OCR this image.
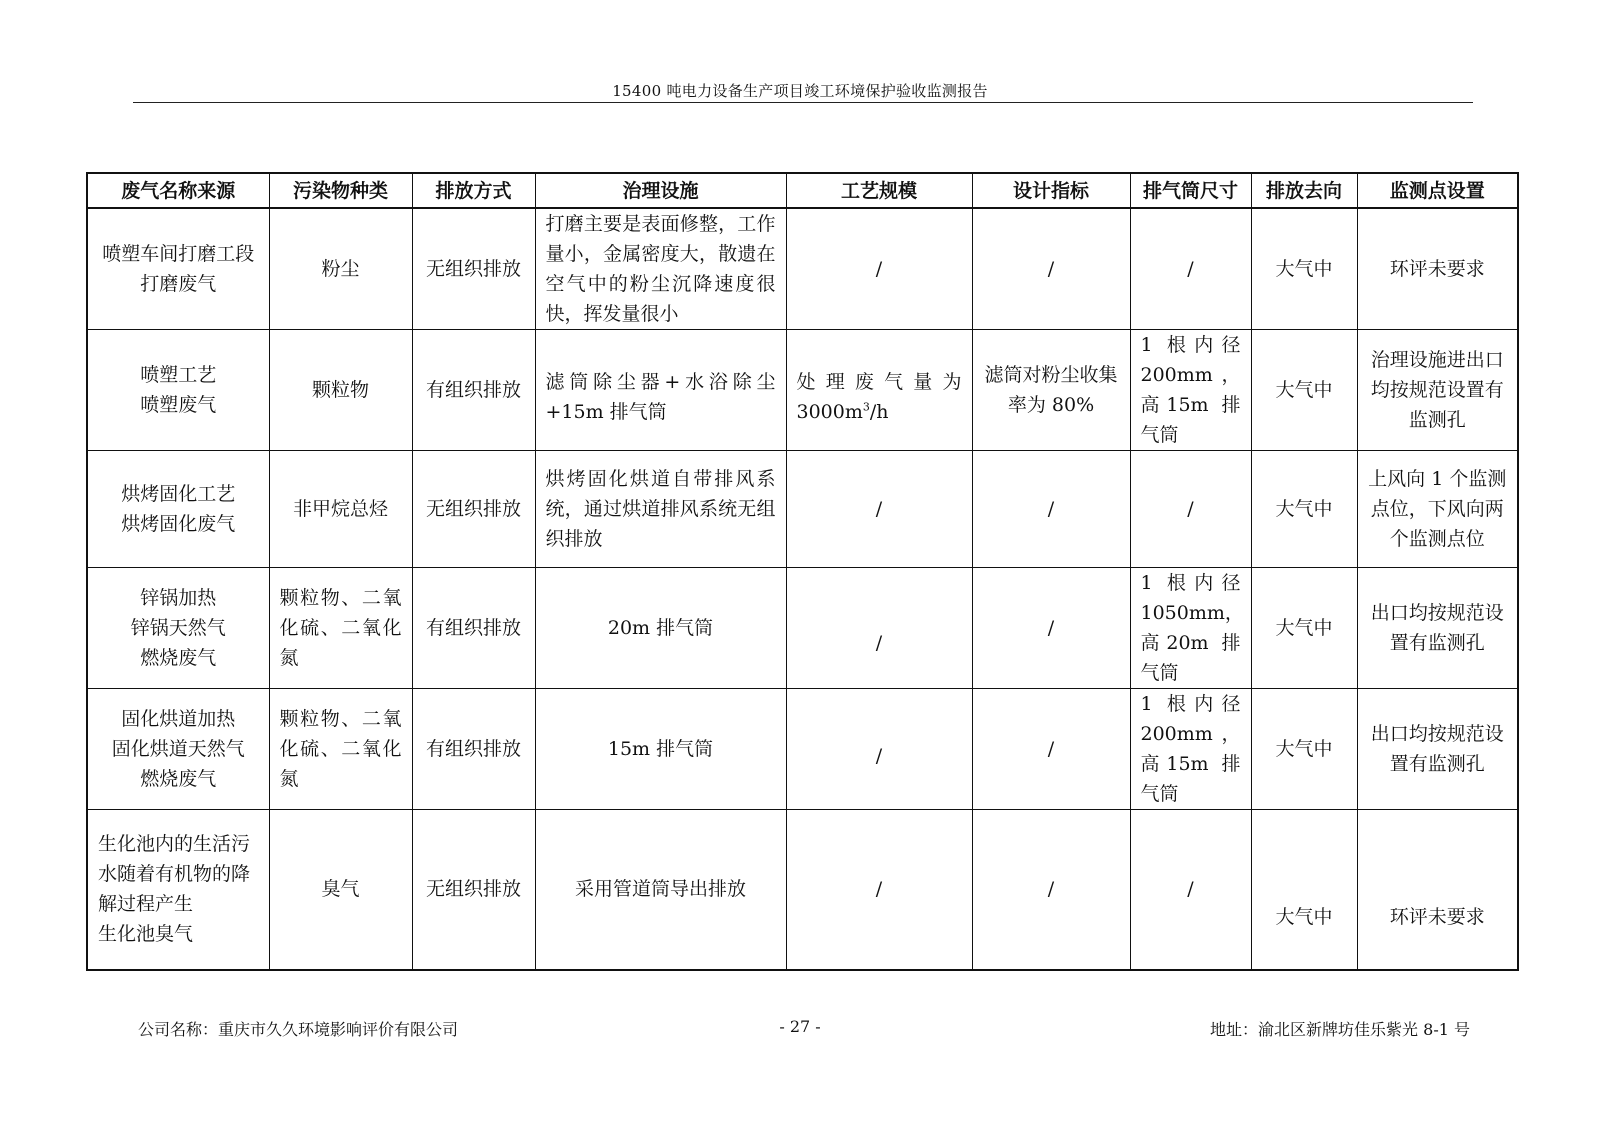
15400 吨电力设备生产项目竣工环境保护验收监测报告
废气名称来源	污染物种类	排放方式	治理设施	工艺规模	设计指标	排气筒尺寸	排放去向	监测点设置
喷塑车间打磨工段
打磨废气	粉尘	无组织排放	打磨主要是表面修整，工作量小，金属密度大，散遗在空气中的粉尘沉降速度很快，挥发量很小	/	/	/	大气中	环评未要求
喷塑工艺
喷塑废气	颗粒物	有组织排放	滤筒除尘器+水浴除尘+15m 排气筒	处理废气量为$3000m^3/h$	滤筒对粉尘收集率为 80%	1 根内径200mm，高15m 排气筒	大气中	治理设施进出口均按规范设置有监测孔
烘烤固化工艺
烘烤固化废气	非甲烷总烃	无组织排放	烘烤固化烘道自带排风系统，通过烘道排风系统无组织排放	/	/	/	大气中	上风向 1 个监测点位，下风向两个监测点位
锌锅加热
锌锅天然气
燃烧废气	颗粒物、二氧化硫、二氧化氮	有组织排放	20m 排气筒	/	/	1 根内径1050mm，高20m 排气筒	大气中	出口均按规范设置有监测孔
固化烘道加热
固化烘道天然气
燃烧废气	颗粒物、二氧化硫、二氧化氮	有组织排放	15m 排气筒	/	/	1 根内径200mm，高15m 排气筒	大气中	出口均按规范设置有监测孔
生化池内的生活污水随着有机物的降解过程产生
生化池臭气	臭气	无组织排放	采用管道筒导出排放	/	/	/	大气中	环评未要求
公司名称：重庆市久久环境影响评价有限公司	- 27 -	地址：渝北区新牌坊佳乐紫光 8-1 号
